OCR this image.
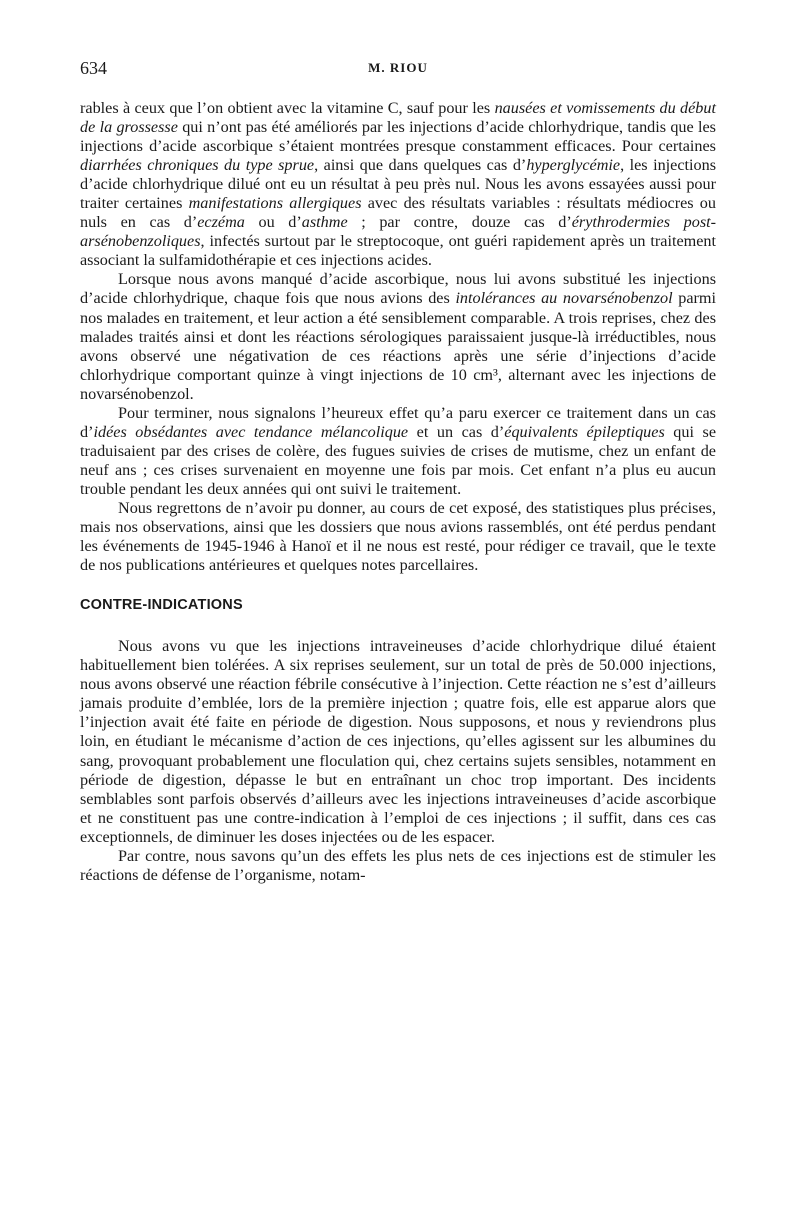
634	M. RIOU

rables à ceux que l’on obtient avec la vitamine C, sauf pour les nausées et vomissements du début de la grossesse qui n’ont pas été améliorés par les injections d’acide chlorhydrique, tandis que les injections d’acide ascorbique s’étaient montrées presque constamment efficaces. Pour certaines diarrhées chroniques du type sprue, ainsi que dans quelques cas d’hyperglycémie, les injections d’acide chlorhydrique dilué ont eu un résultat à peu près nul. Nous les avons essayées aussi pour traiter certaines manifestations allergiques avec des résultats variables : résultats médiocres ou nuls en cas d’eczéma ou d’asthme ; par contre, douze cas d’érythrodermies post-arsénobenzoliques, infectés surtout par le streptocoque, ont guéri rapidement après un traitement associant la sulfamidothérapie et ces injections acides.

Lorsque nous avons manqué d’acide ascorbique, nous lui avons substitué les injections d’acide chlorhydrique, chaque fois que nous avions des intolérances au novarsénobenzol parmi nos malades en traitement, et leur action a été sensiblement comparable. A trois reprises, chez des malades traités ainsi et dont les réactions sérologiques paraissaient jusque-là irréductibles, nous avons observé une négativation de ces réactions après une série d’injections d’acide chlorhydrique comportant quinze à vingt injections de 10 cm³, alternant avec les injections de novarsénobenzol.

Pour terminer, nous signalons l’heureux effet qu’a paru exercer ce traitement dans un cas d’idées obsédantes avec tendance mélancolique et un cas d’équivalents épileptiques qui se traduisaient par des crises de colère, des fugues suivies de crises de mutisme, chez un enfant de neuf ans ; ces crises survenaient en moyenne une fois par mois. Cet enfant n’a plus eu aucun trouble pendant les deux années qui ont suivi le traitement.

Nous regrettons de n’avoir pu donner, au cours de cet exposé, des statistiques plus précises, mais nos observations, ainsi que les dossiers que nous avions rassemblés, ont été perdus pendant les événements de 1945-1946 à Hanoï et il ne nous est resté, pour rédiger ce travail, que le texte de nos publications antérieures et quelques notes parcellaires.

CONTRE-INDICATIONS

Nous avons vu que les injections intraveineuses d’acide chlorhydrique dilué étaient habituellement bien tolérées. A six reprises seulement, sur un total de près de 50.000 injections, nous avons observé une réaction fébrile consécutive à l’injection. Cette réaction ne s’est d’ailleurs jamais produite d’emblée, lors de la première injection ; quatre fois, elle est apparue alors que l’injection avait été faite en période de digestion. Nous supposons, et nous y reviendrons plus loin, en étudiant le mécanisme d’action de ces injections, qu’elles agissent sur les albumines du sang, provoquant probablement une floculation qui, chez certains sujets sensibles, notamment en période de digestion, dépasse le but en entraînant un choc trop important. Des incidents semblables sont parfois observés d’ailleurs avec les injections intraveineuses d’acide ascorbique et ne constituent pas une contre-indication à l’emploi de ces injections ; il suffit, dans ces cas exceptionnels, de diminuer les doses injectées ou de les espacer.

Par contre, nous savons qu’un des effets les plus nets de ces injections est de stimuler les réactions de défense de l’organisme, notam-
